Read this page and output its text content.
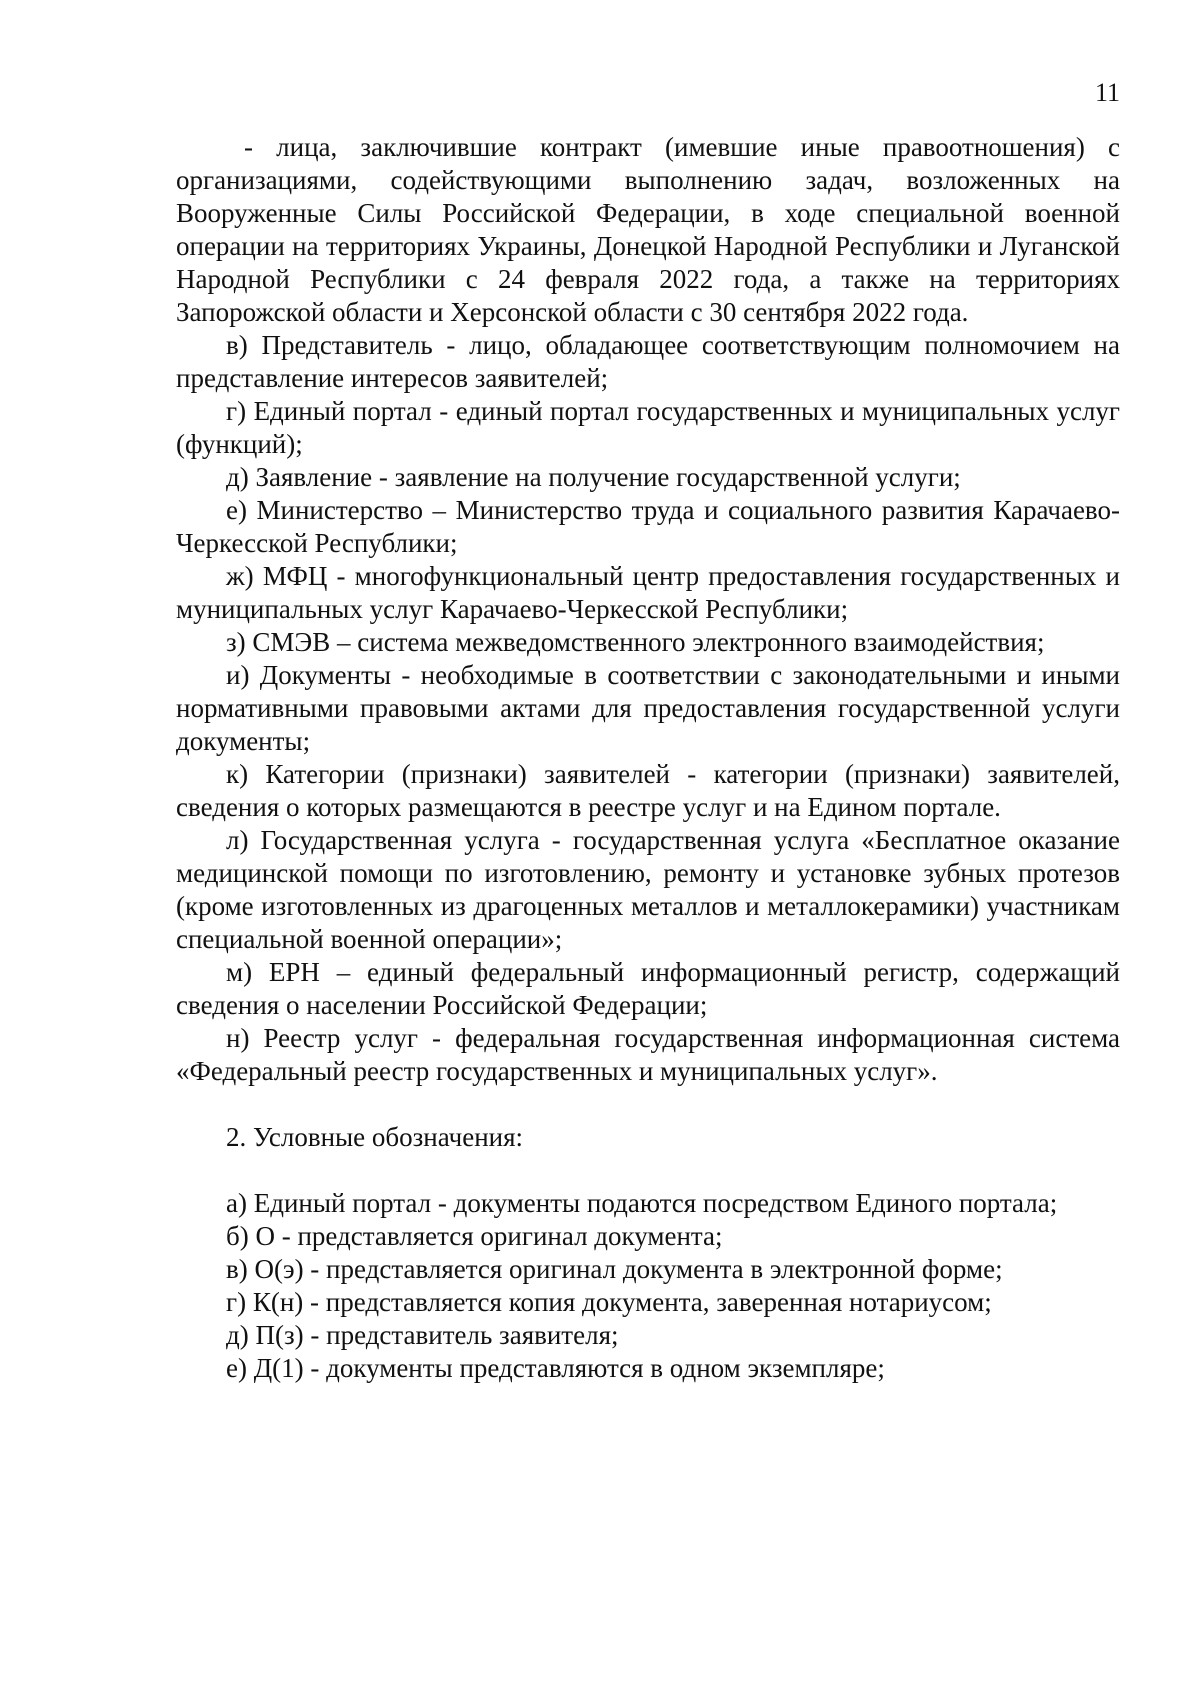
11

- лица, заключившие контракт (имевшие иные правоотношения) с организациями, содействующими выполнению задач, возложенных на Вооруженные Силы Российской Федерации, в ходе специальной военной операции на территориях Украины, Донецкой Народной Республики и Луганской Народной Республики с 24 февраля 2022 года, а также на территориях Запорожской области и Херсонской области с 30 сентября 2022 года.

в) Представитель - лицо, обладающее соответствующим полномочием на представление интересов заявителей;

г) Единый портал - единый портал государственных и муниципальных услуг (функций);

д) Заявление - заявление на получение государственной услуги;

е) Министерство – Министерство труда и социального развития Карачаево-Черкесской Республики;

ж) МФЦ - многофункциональный центр предоставления государственных и муниципальных услуг Карачаево-Черкесской Республики;

з) СМЭВ – система межведомственного электронного взаимодействия;

и) Документы - необходимые в соответствии с законодательными и иными нормативными правовыми актами для предоставления государственной услуги документы;

к) Категории (признаки) заявителей - категории (признаки) заявителей, сведения о которых размещаются в реестре услуг и на Едином портале.

л) Государственная услуга - государственная услуга «Бесплатное оказание медицинской помощи по изготовлению, ремонту и установке зубных протезов (кроме изготовленных из драгоценных металлов и металлокерамики) участникам специальной военной операции»;

м) ЕРН – единый федеральный информационный регистр, содержащий сведения о населении Российской Федерации;

н) Реестр услуг - федеральная государственная информационная система «Федеральный реестр государственных и муниципальных услуг».

2. Условные обозначения:

а) Единый портал - документы подаются посредством Единого портала;

б) О - представляется оригинал документа;

в) О(э) - представляется оригинал документа в электронной форме;

г) К(н) - представляется копия документа, заверенная нотариусом;

д) П(з) - представитель заявителя;

е) Д(1) - документы представляются в одном экземпляре;
